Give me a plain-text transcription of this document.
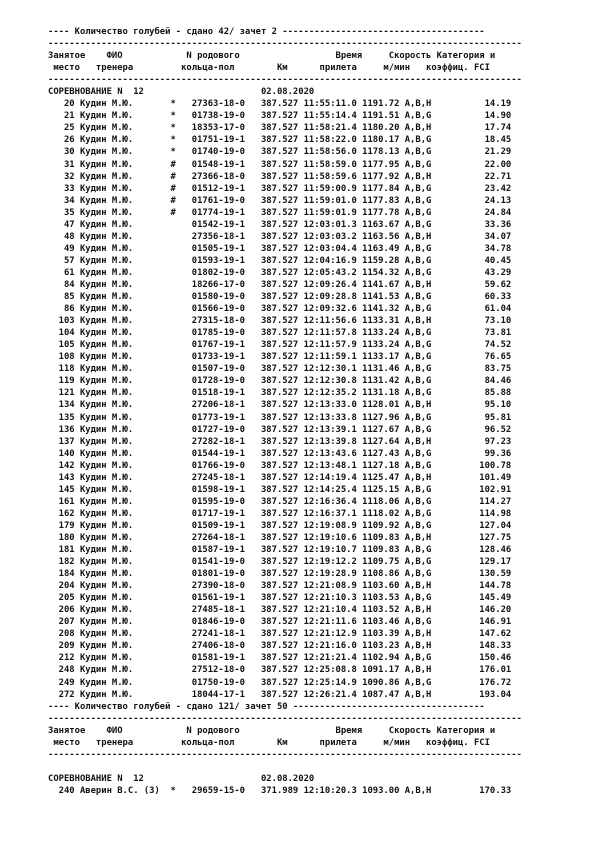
---- Количество голубей - сдано 42/ зачет 2 --------------------------------------
-----------------------------------------------------------------------------------------
Занятое    ФИО            N родового                  Время     Скорость Категория и
место   тренера         кольца-пол        Км      прилета     м/мин   коэффиц. FCI
-----------------------------------------------------------------------------------------
СОРЕВНОВАНИЕ N  12                      02.08.2020
20 Кудин М.Ю.       *   27363-18-0   387.527 11:55:11.0 1191.72 A,B,H          14.19
21 Кудин М.Ю.       *   01738-19-0   387.527 11:55:14.4 1191.51 A,B,G          14.90
25 Кудин М.Ю.       *   18353-17-0   387.527 11:58:21.4 1180.20 A,B,H          17.74
26 Кудин М.Ю.       *   01751-19-1   387.527 11:58:22.0 1180.17 A,B,G          18.45
30 Кудин М.Ю.       *   01740-19-0   387.527 11:58:56.0 1178.13 A,B,G          21.29
31 Кудин М.Ю.       #   01548-19-1   387.527 11:58:59.0 1177.95 A,B,G          22.00
32 Кудин М.Ю.       #   27366-18-0   387.527 11:58:59.6 1177.92 A,B,H          22.71
33 Кудин М.Ю.       #   01512-19-1   387.527 11:59:00.9 1177.84 A,B,G          23.42
34 Кудин М.Ю.       #   01761-19-0   387.527 11:59:01.0 1177.83 A,B,G          24.13
35 Кудин М.Ю.       #   01774-19-1   387.527 11:59:01.9 1177.78 A,B,G          24.84
47 Кудин М.Ю.           01542-19-1   387.527 12:03:01.3 1163.67 A,B,G          33.36
48 Кудин М.Ю.           27356-18-1   387.527 12:03:03.2 1163.56 A,B,H          34.07
49 Кудин М.Ю.           01505-19-1   387.527 12:03:04.4 1163.49 A,B,G          34.78
57 Кудин М.Ю.           01593-19-1   387.527 12:04:16.9 1159.28 A,B,G          40.45
61 Кудин М.Ю.           01802-19-0   387.527 12:05:43.2 1154.32 A,B,G          43.29
84 Кудин М.Ю.           18266-17-0   387.527 12:09:26.4 1141.67 A,B,H          59.62
85 Кудин М.Ю.           01580-19-0   387.527 12:09:28.8 1141.53 A,B,G          60.33
86 Кудин М.Ю.           01566-19-0   387.527 12:09:32.6 1141.32 A,B,G          61.04
103 Кудин М.Ю.           27315-18-0   387.527 12:11:56.6 1133.31 A,B,H          73.10
104 Кудин М.Ю.           01785-19-0   387.527 12:11:57.8 1133.24 A,B,G          73.81
105 Кудин М.Ю.           01767-19-1   387.527 12:11:57.9 1133.24 A,B,G          74.52
108 Кудин М.Ю.           01733-19-1   387.527 12:11:59.1 1133.17 A,B,G          76.65
118 Кудин М.Ю.           01507-19-0   387.527 12:12:30.1 1131.46 A,B,G          83.75
119 Кудин М.Ю.           01728-19-0   387.527 12:12:30.8 1131.42 A,B,G          84.46
121 Кудин М.Ю.           01518-19-1   387.527 12:12:35.2 1131.18 A,B,G          85.88
134 Кудин М.Ю.           27206-18-1   387.527 12:13:33.0 1128.01 A,B,H          95.10
135 Кудин М.Ю.           01773-19-1   387.527 12:13:33.8 1127.96 A,B,G          95.81
136 Кудин М.Ю.           01727-19-0   387.527 12:13:39.1 1127.67 A,B,G          96.52
137 Кудин М.Ю.           27282-18-1   387.527 12:13:39.8 1127.64 A,B,H          97.23
140 Кудин М.Ю.           01544-19-1   387.527 12:13:43.6 1127.43 A,B,G          99.36
142 Кудин М.Ю.           01766-19-0   387.527 12:13:48.1 1127.18 A,B,G         100.78
143 Кудин М.Ю.           27245-18-1   387.527 12:14:19.4 1125.47 A,B,H         101.49
145 Кудин М.Ю.           01598-19-1   387.527 12:14:25.4 1125.15 A,B,G         102.91
161 Кудин М.Ю.           01595-19-0   387.527 12:16:36.4 1118.06 A,B,G         114.27
162 Кудин М.Ю.           01717-19-1   387.527 12:16:37.1 1118.02 A,B,G         114.98
179 Кудин М.Ю.           01509-19-1   387.527 12:19:08.9 1109.92 A,B,G         127.04
180 Кудин М.Ю.           27264-18-1   387.527 12:19:10.6 1109.83 A,B,H         127.75
181 Кудин М.Ю.           01587-19-1   387.527 12:19:10.7 1109.83 A,B,G         128.46
182 Кудин М.Ю.           01541-19-0   387.527 12:19:12.2 1109.75 A,B,G         129.17
184 Кудин М.Ю.           01801-19-0   387.527 12:19:28.9 1108.86 A,B,G         130.59
204 Кудин М.Ю.           27390-18-0   387.527 12:21:08.9 1103.60 A,B,H         144.78
205 Кудин М.Ю.           01561-19-1   387.527 12:21:10.3 1103.53 A,B,G         145.49
206 Кудин М.Ю.           27485-18-1   387.527 12:21:10.4 1103.52 A,B,H         146.20
207 Кудин М.Ю.           01846-19-0   387.527 12:21:11.6 1103.46 A,B,G         146.91
208 Кудин М.Ю.           27241-18-1   387.527 12:21:12.9 1103.39 A,B,H         147.62
209 Кудин М.Ю.           27406-18-0   387.527 12:21:16.0 1103.23 A,B,H         148.33
212 Кудин М.Ю.           01581-19-1   387.527 12:21:21.4 1102.94 A,B,G         150.46
248 Кудин М.Ю.           27512-18-0   387.527 12:25:08.8 1091.17 A,B,H         176.01
249 Кудин М.Ю.           01750-19-0   387.527 12:25:14.9 1090.86 A,B,G         176.72
272 Кудин М.Ю.           18044-17-1   387.527 12:26:21.4 1087.47 A,B,H         193.04
---- Количество голубей - сдано 121/ зачет 50 ------------------------------------
-----------------------------------------------------------------------------------------
Занятое    ФИО            N родового                  Время     Скорость Категория и
место   тренера         кольца-пол        Км      прилета     м/мин   коэффиц. FCI
-----------------------------------------------------------------------------------------

СОРЕВНОВАНИЕ N  12                      02.08.2020
240 Аверин В.С. (3)  *   29659-15-0   371.989 12:10:20.3 1093.00 A,B,H         170.33
